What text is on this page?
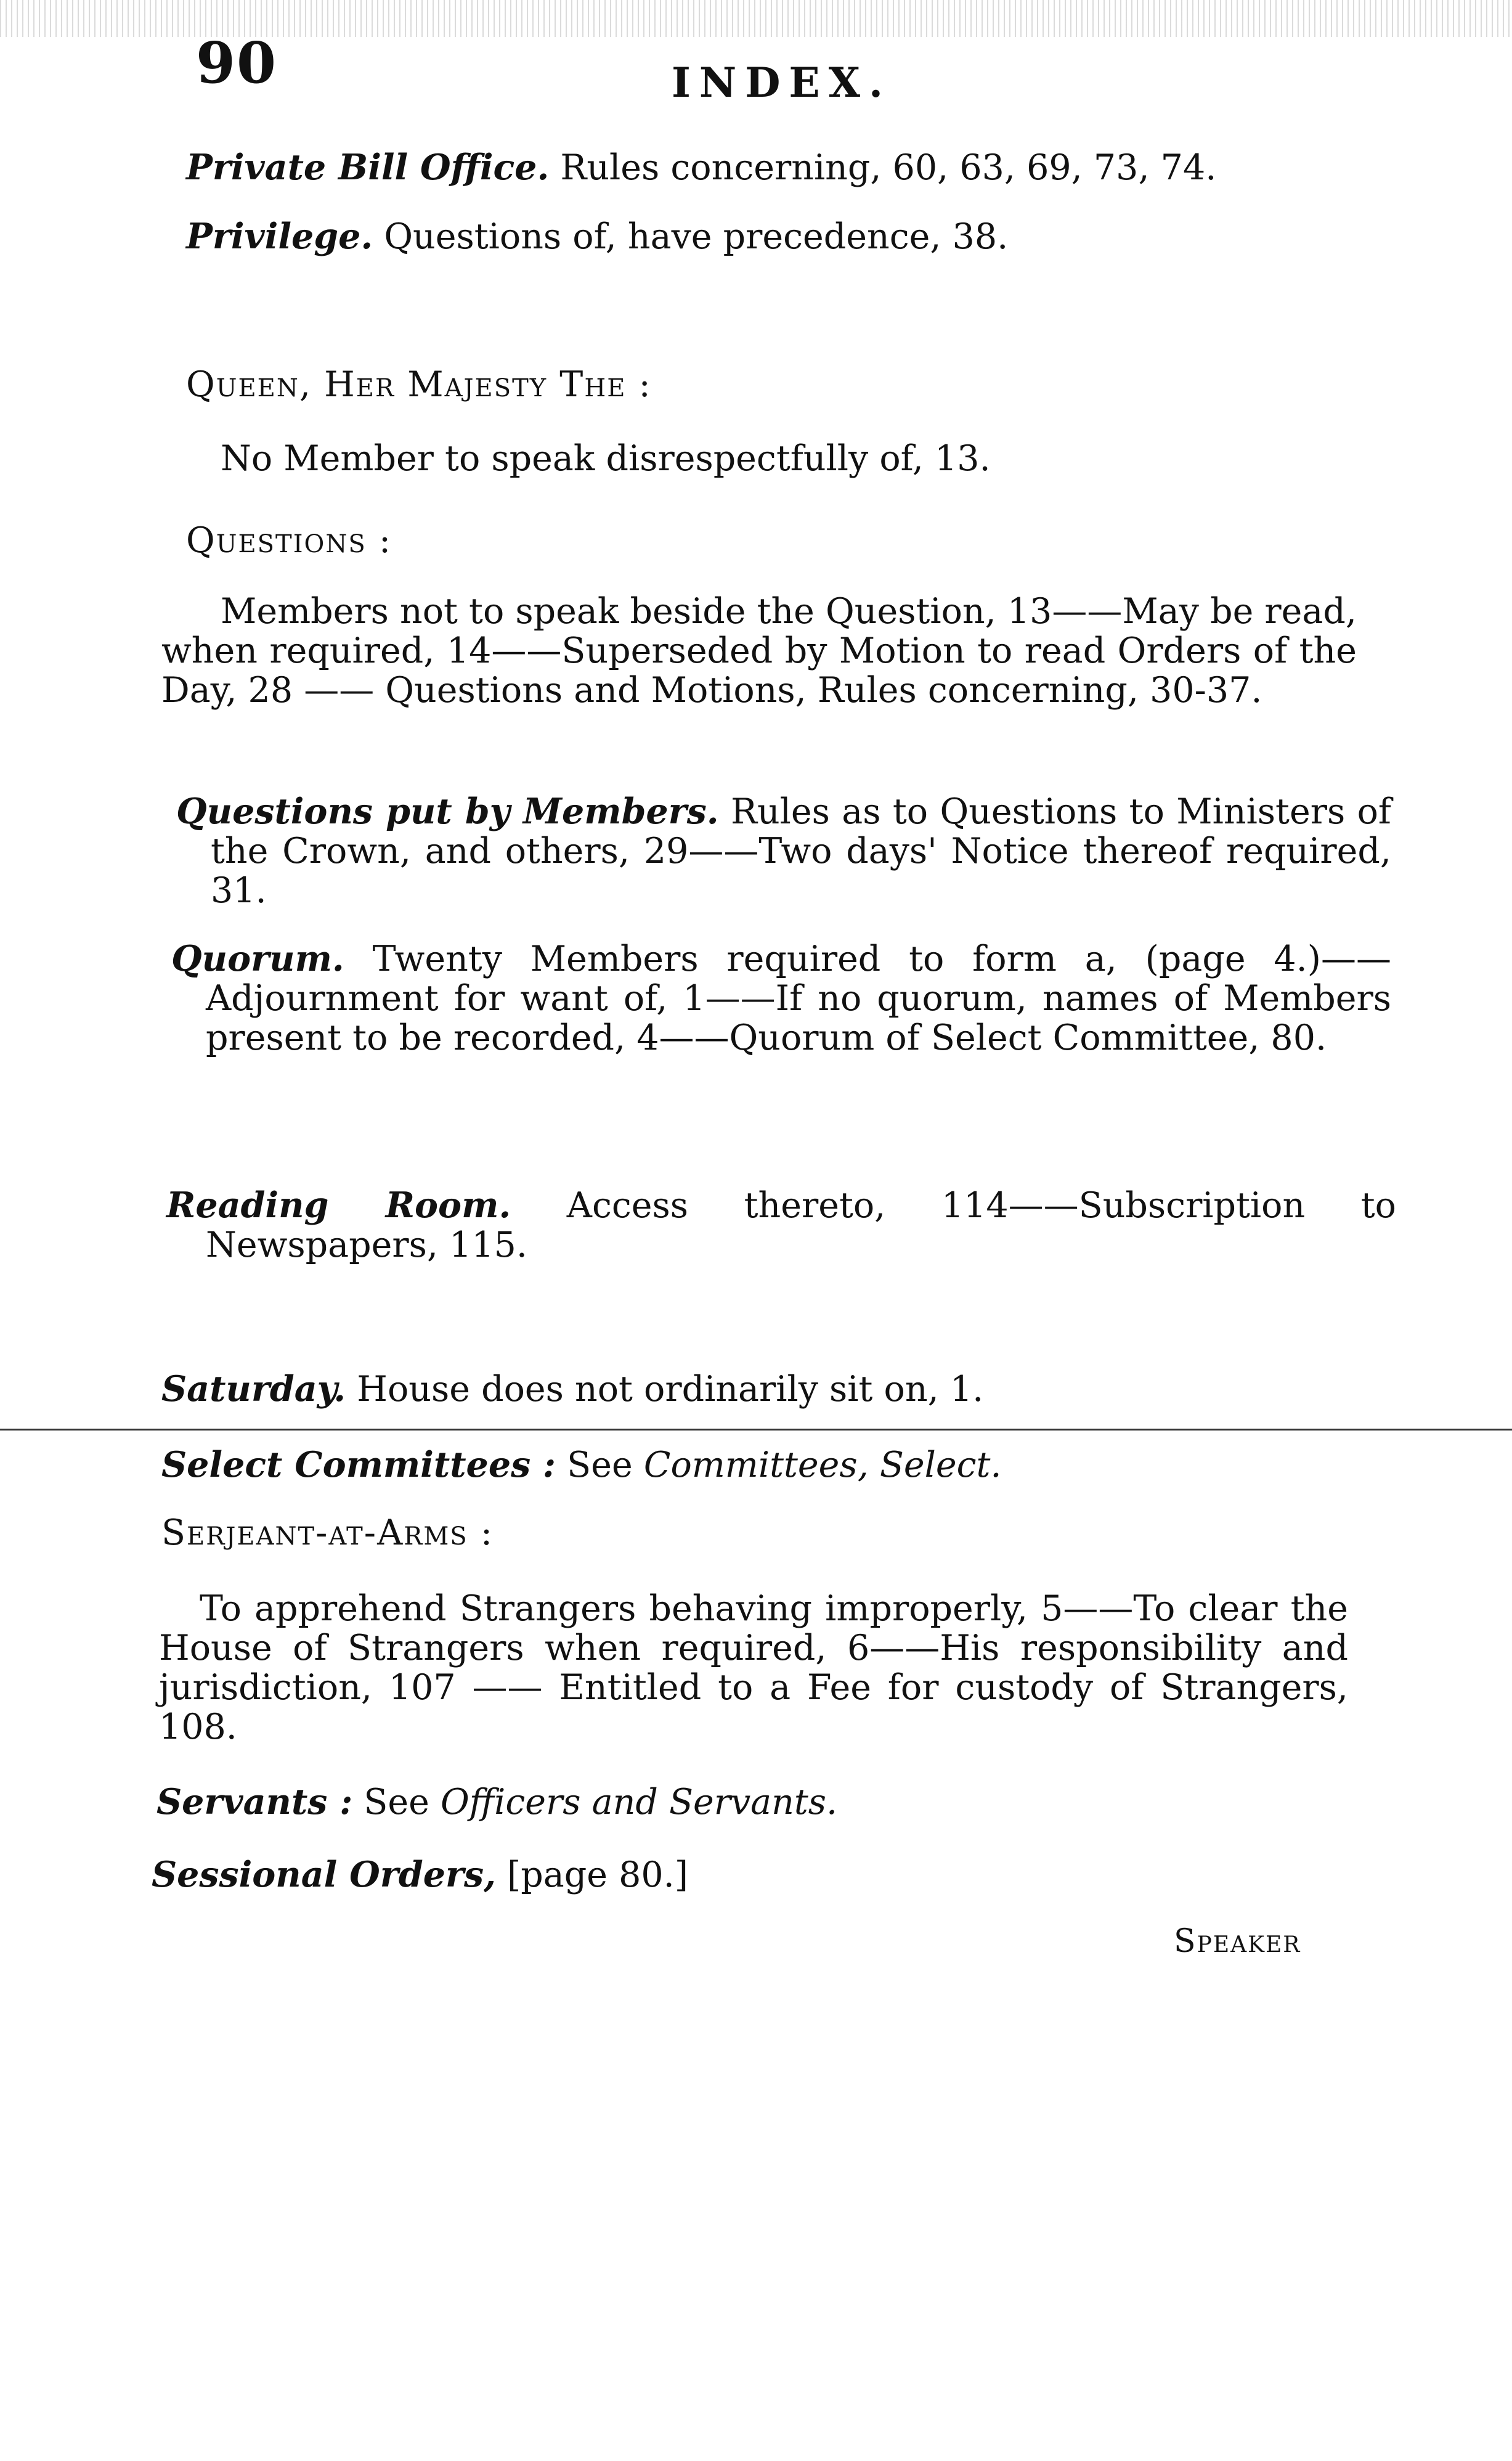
90	INDEX.
Private Bill Office. Rules concerning, 60, 63, 69, 73, 74.
Privilege. Questions of, have precedence, 38.
Queen, Her Majesty The :
No Member to speak disrespectfully of, 13.
Questions :
Members not to speak beside the Question, 13——May be read, when required, 14——Superseded by Motion to read Orders of the Day, 28 —— Questions and Motions, Rules concerning, 30-37.
Questions put by Members. Rules as to Questions to Ministers of the Crown, and others, 29——Two days' Notice thereof required, 31.
Quorum. Twenty Members required to form a, (page 4.)—— Adjournment for want of, 1——If no quorum, names of Members present to be recorded, 4——Quorum of Select Committee, 80.
Reading Room. Access thereto, 114——Subscription to Newspapers, 115.
Saturday. House does not ordinarily sit on, 1.
Select Committees : See Committees, Select.
Serjeant-at-Arms :
To apprehend Strangers behaving improperly, 5——To clear the House of Strangers when required, 6——His responsibility and jurisdiction, 107 —— Entitled to a Fee for custody of Strangers, 108.
Servants : See Officers and Servants.
Sessional Orders, [page 80.]
Speaker
